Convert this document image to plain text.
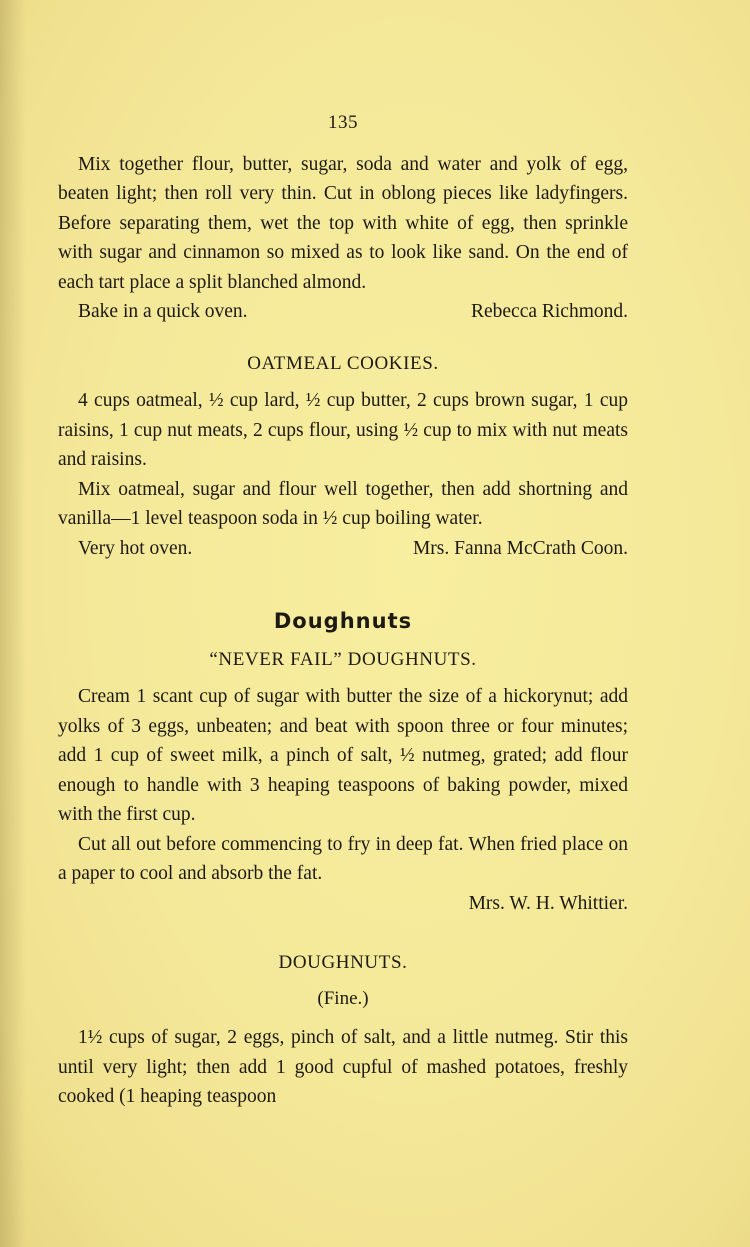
135

Mix together flour, butter, sugar, soda and water and yolk of egg, beaten light; then roll very thin. Cut in oblong pieces like ladyfingers. Before separating them, wet the top with white of egg, then sprinkle with sugar and cinnamon so mixed as to look like sand. On the end of each tart place a split blanched almond.

Bake in a quick oven.	Rebecca Richmond.
OATMEAL COOKIES.

4 cups oatmeal, ½ cup lard, ½ cup butter, 2 cups brown sugar, 1 cup raisins, 1 cup nut meats, 2 cups flour, using ½ cup to mix with nut meats and raisins.

Mix oatmeal, sugar and flour well together, then add shortning and vanilla—1 level teaspoon soda in ½ cup boiling water.

Very hot oven.	Mrs. Fanna McCrath Coon.
Doughnuts
“NEVER FAIL” DOUGHNUTS.

Cream 1 scant cup of sugar with butter the size of a hickorynut; add yolks of 3 eggs, unbeaten; and beat with spoon three or four minutes; add 1 cup of sweet milk, a pinch of salt, ½ nutmeg, grated; add flour enough to handle with 3 heaping teaspoons of baking powder, mixed with the first cup.

Cut all out before commencing to fry in deep fat. When fried place on a paper to cool and absorb the fat.

Mrs. W. H. Whittier.
DOUGHNUTS.
(Fine.)

1½ cups of sugar, 2 eggs, pinch of salt, and a little nutmeg. Stir this until very light; then add 1 good cupful of mashed potatoes, freshly cooked (1 heaping teaspoon
